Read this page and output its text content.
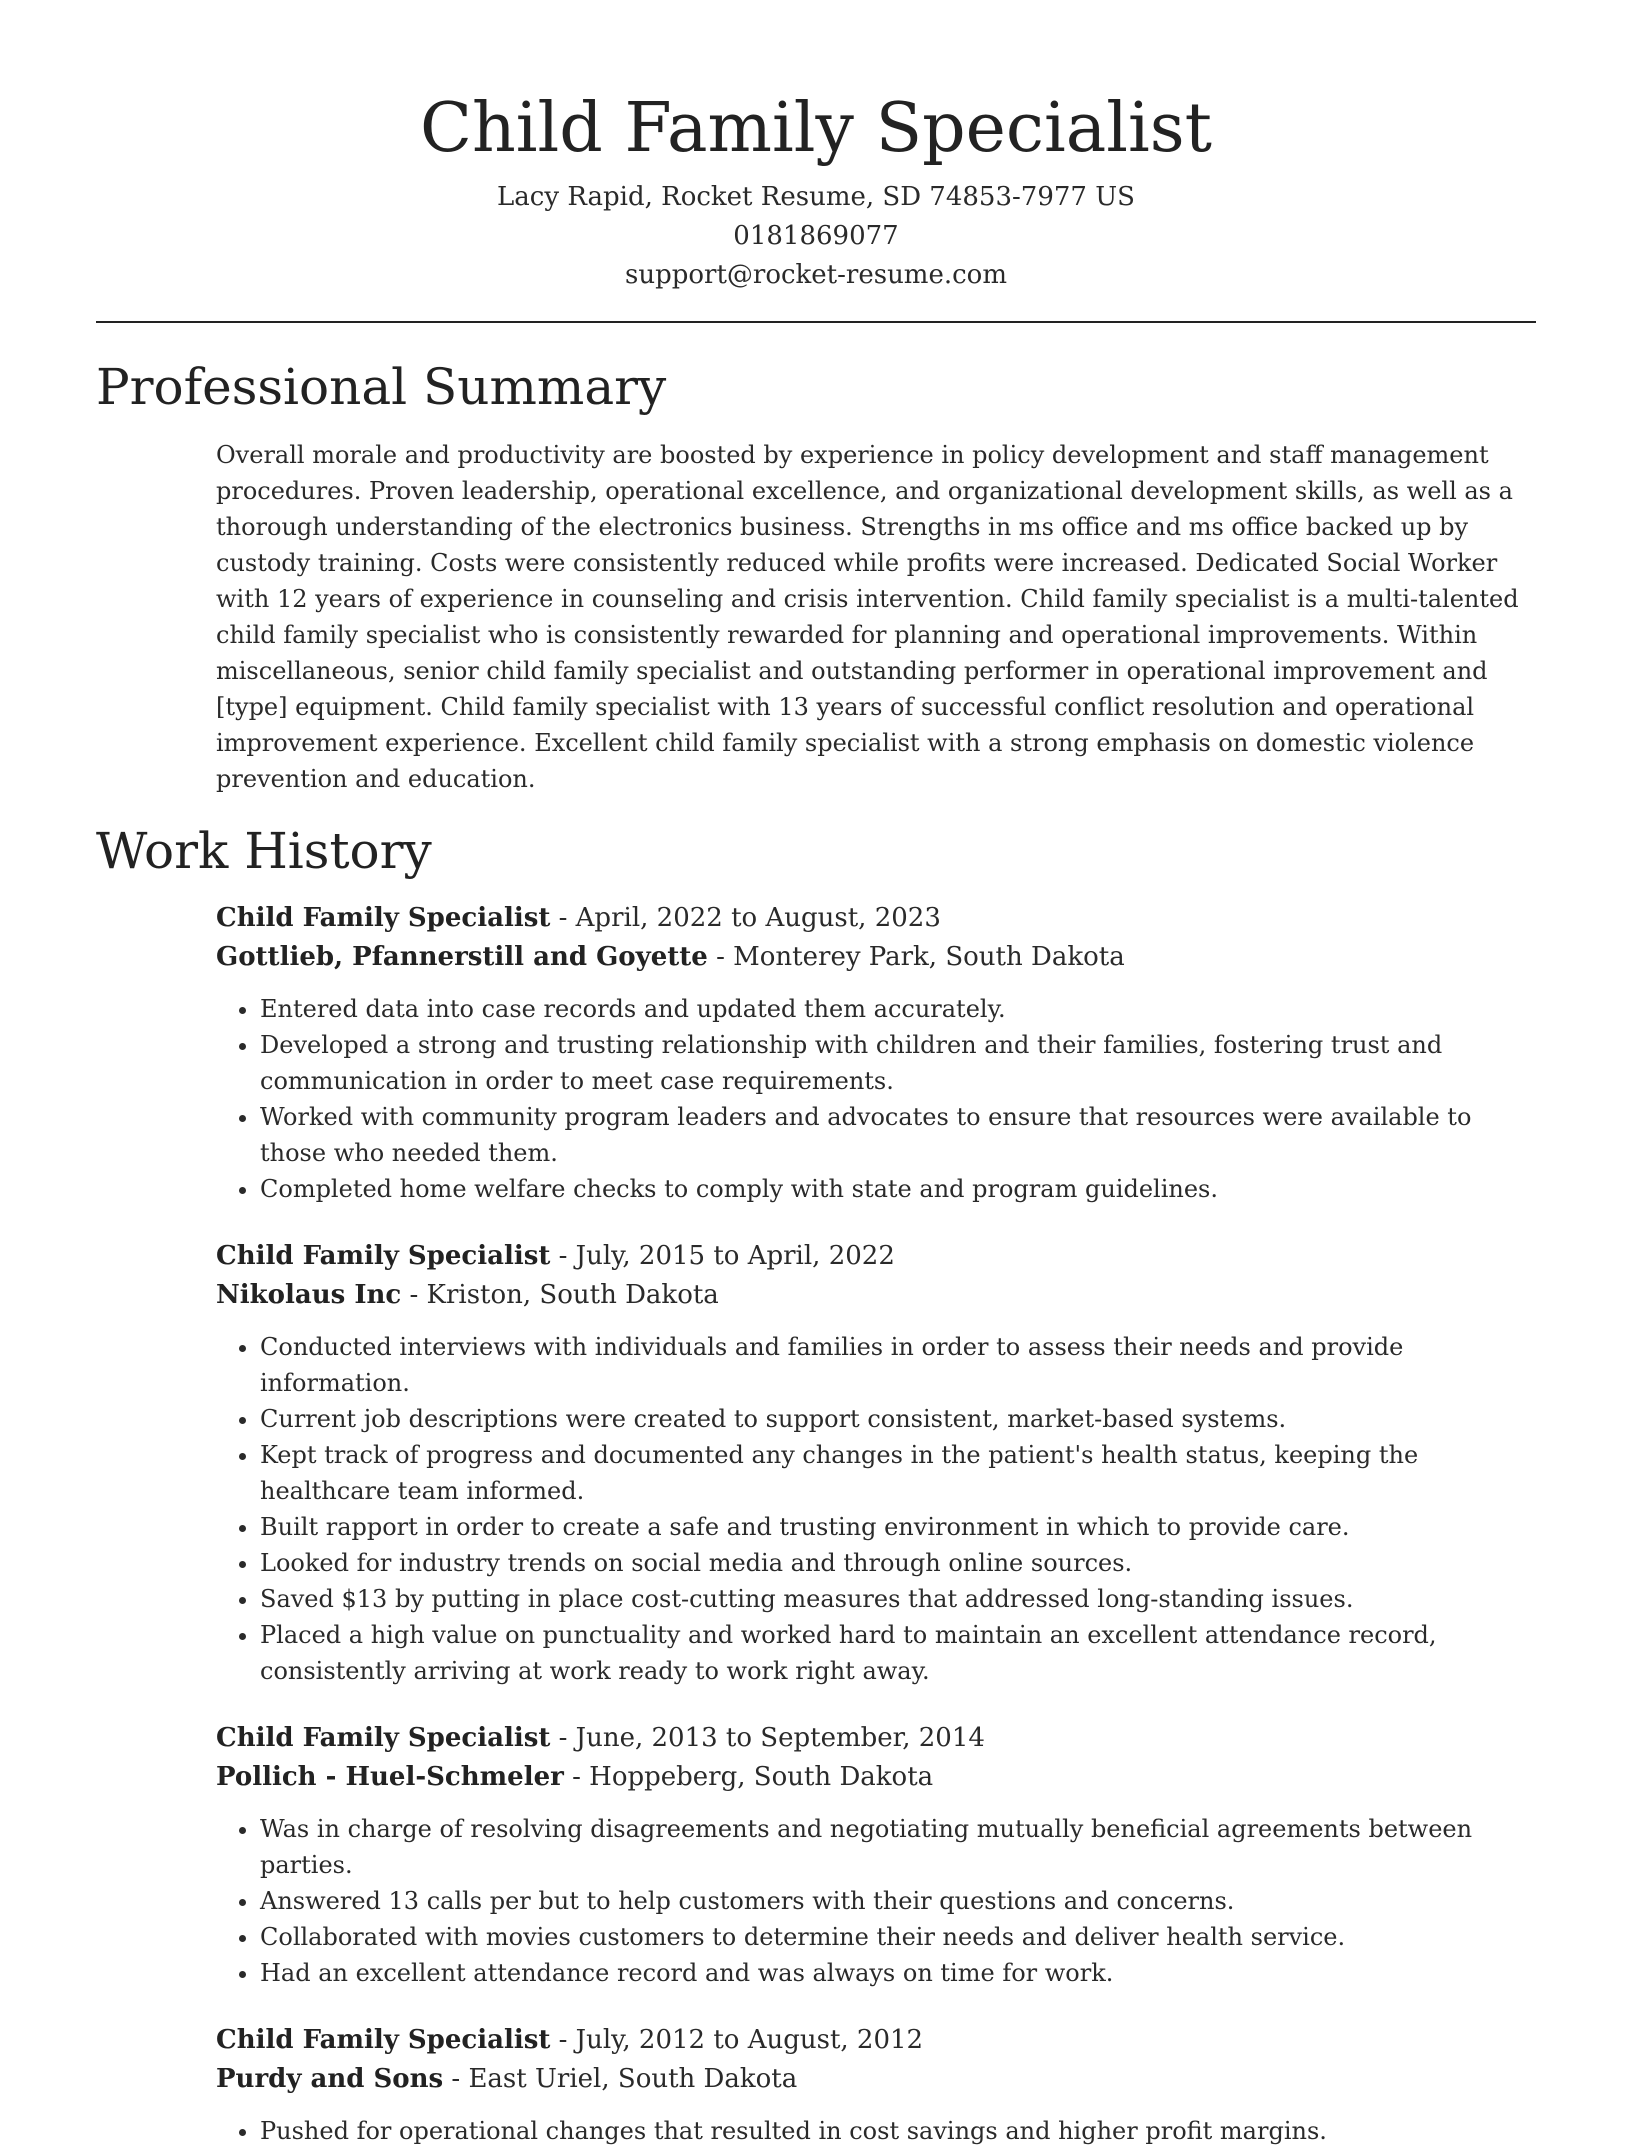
Child Family Specialist
Lacy Rapid, Rocket Resume, SD 74853-7977 US
0181869077
support@rocket-resume.com
Professional Summary

Overall morale and productivity are boosted by experience in policy development and staff management procedures. Proven leadership, operational excellence, and organizational development skills, as well as a thorough understanding of the electronics business. Strengths in ms office and ms office backed up by custody training. Costs were consistently reduced while profits were increased. Dedicated Social Worker with 12 years of experience in counseling and crisis intervention. Child family specialist is a multi-talented child family specialist who is consistently rewarded for planning and operational improvements. Within miscellaneous, senior child family specialist and outstanding performer in operational improvement and [type] equipment. Child family specialist with 13 years of successful conflict resolution and operational improvement experience. Excellent child family specialist with a strong emphasis on domestic violence prevention and education.

Work History
Child Family Specialist - April, 2022 to August, 2023
Gottlieb, Pfannerstill and Goyette - Monterey Park, South Dakota
• Entered data into case records and updated them accurately.
• Developed a strong and trusting relationship with children and their families, fostering trust and communication in order to meet case requirements.
• Worked with community program leaders and advocates to ensure that resources were available to those who needed them.
• Completed home welfare checks to comply with state and program guidelines.
Child Family Specialist - July, 2015 to April, 2022
Nikolaus Inc - Kriston, South Dakota
• Conducted interviews with individuals and families in order to assess their needs and provide information.
• Current job descriptions were created to support consistent, market-based systems.
• Kept track of progress and documented any changes in the patient's health status, keeping the healthcare team informed.
• Built rapport in order to create a safe and trusting environment in which to provide care.
• Looked for industry trends on social media and through online sources.
• Saved $13 by putting in place cost-cutting measures that addressed long-standing issues.
• Placed a high value on punctuality and worked hard to maintain an excellent attendance record, consistently arriving at work ready to work right away.
Child Family Specialist - June, 2013 to September, 2014
Pollich - Huel-Schmeler - Hoppeberg, South Dakota
• Was in charge of resolving disagreements and negotiating mutually beneficial agreements between parties.
• Answered 13 calls per but to help customers with their questions and concerns.
• Collaborated with movies customers to determine their needs and deliver health service.
• Had an excellent attendance record and was always on time for work.
Child Family Specialist - July, 2012 to August, 2012
Purdy and Sons - East Uriel, South Dakota
• Pushed for operational changes that resulted in cost savings and higher profit margins.
